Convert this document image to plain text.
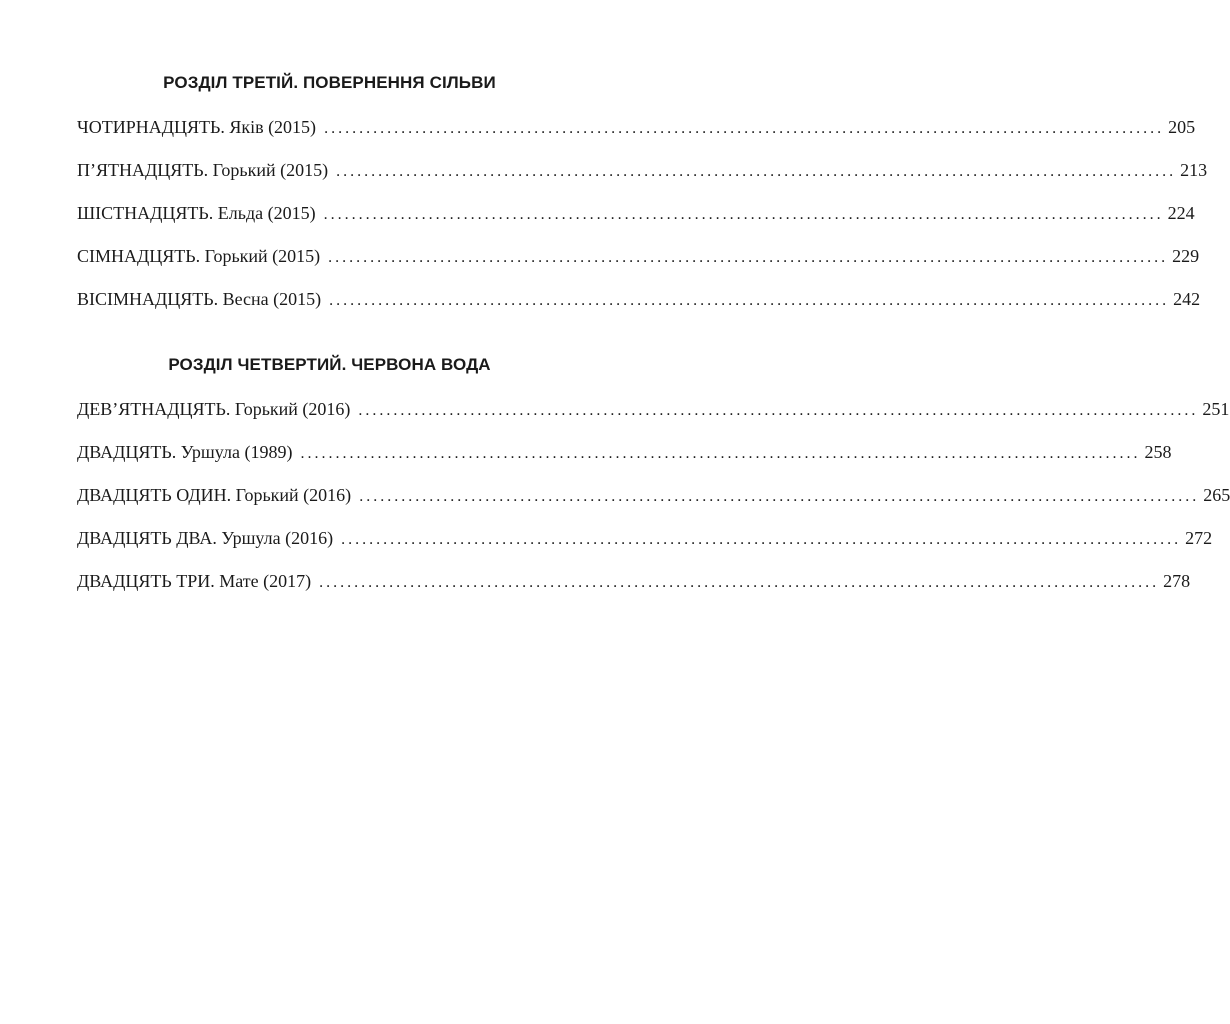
РОЗДІЛ ТРЕТІЙ. ПОВЕРНЕННЯ СІЛЬВИ
ЧОТИРНАДЦЯТЬ. Яків (2015) ........................................................................................................................ 205
П’ЯТНАДЦЯТЬ. Горький (2015) ........................................................................................................................ 213
ШІСТНАДЦЯТЬ. Ельда (2015) ........................................................................................................................ 224
СІМНАДЦЯТЬ. Горький (2015) ........................................................................................................................ 229
ВІСІМНАДЦЯТЬ. Весна (2015) ........................................................................................................................ 242
РОЗДІЛ ЧЕТВЕРТИЙ. ЧЕРВОНА ВОДА
ДЕВ’ЯТНАДЦЯТЬ. Горький (2016) ........................................................................................................................ 251
ДВАДЦЯТЬ. Уршула (1989) ........................................................................................................................ 258
ДВАДЦЯТЬ ОДИН. Горький (2016) ........................................................................................................................ 265
ДВАДЦЯТЬ ДВА. Уршула (2016) ........................................................................................................................ 272
ДВАДЦЯТЬ ТРИ. Мате (2017) ........................................................................................................................ 278
